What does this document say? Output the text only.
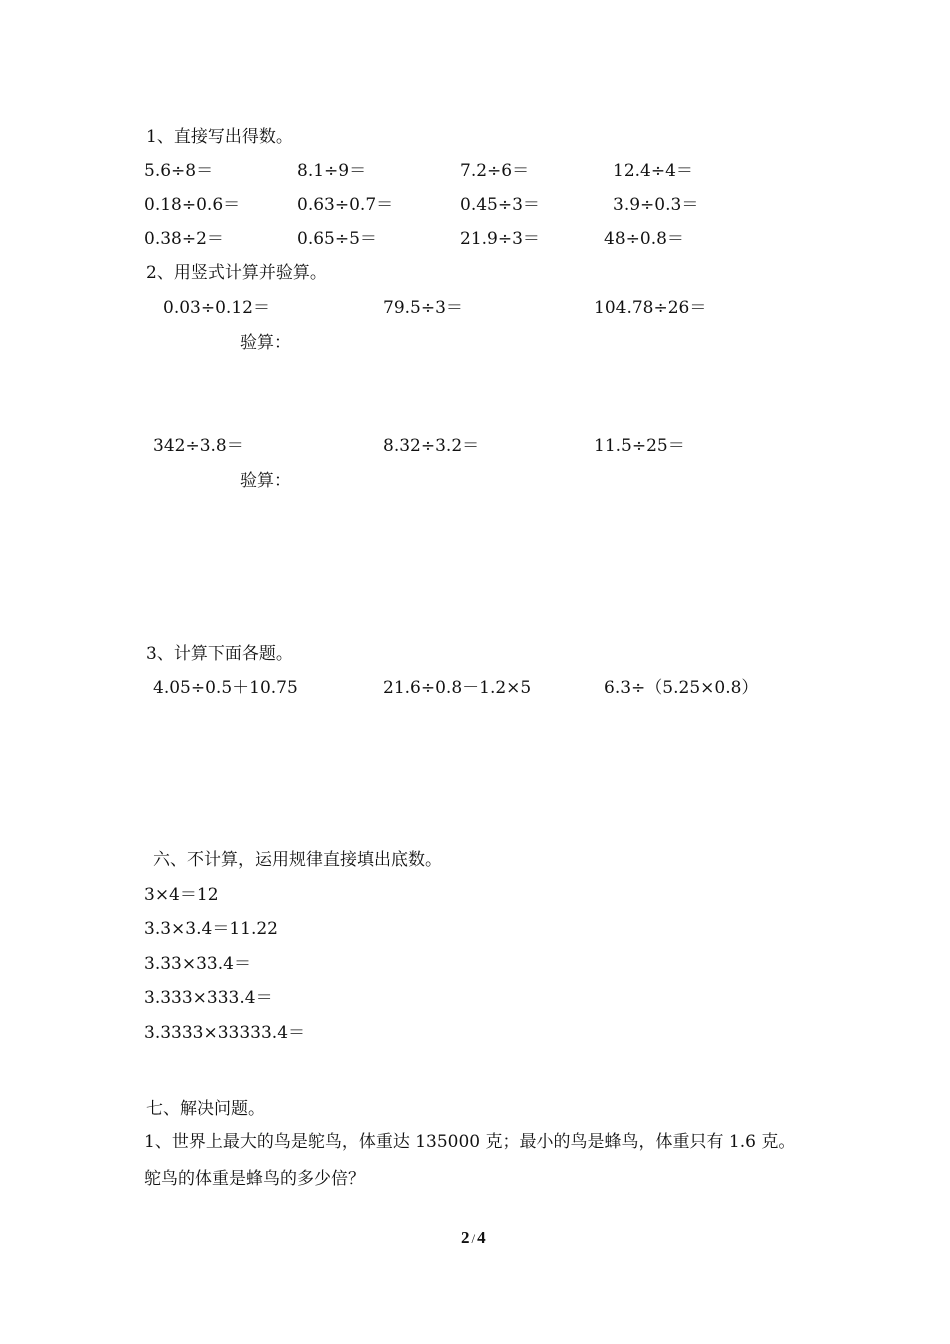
1、直接写出得数。
5.6÷8＝	8.1÷9＝	7.2÷6＝	12.4÷4＝
0.18÷0.6＝	0.63÷0.7＝	0.45÷3＝	3.9÷0.3＝
0.38÷2＝	0.65÷5＝	21.9÷3＝	48÷0.8＝
2、用竖式计算并验算。
0.03÷0.12＝	79.5÷3＝	104.78÷26＝
验算：
342÷3.8＝	8.32÷3.2＝	11.5÷25＝
验算：
3、计算下面各题。
4.05÷0.5＋10.75	21.6÷0.8－1.2×5	6.3÷（5.25×0.8）
六、不计算，运用规律直接填出底数。
3×4＝12
3.3×3.4＝11.22
3.33×33.4＝
3.333×333.4＝
3.3333×33333.4＝
七、解决问题。
1、世界上最大的鸟是鸵鸟，体重达 135000 克；最小的鸟是蜂鸟，体重只有 1.6 克。
鸵鸟的体重是蜂鸟的多少倍？
2 / 4
